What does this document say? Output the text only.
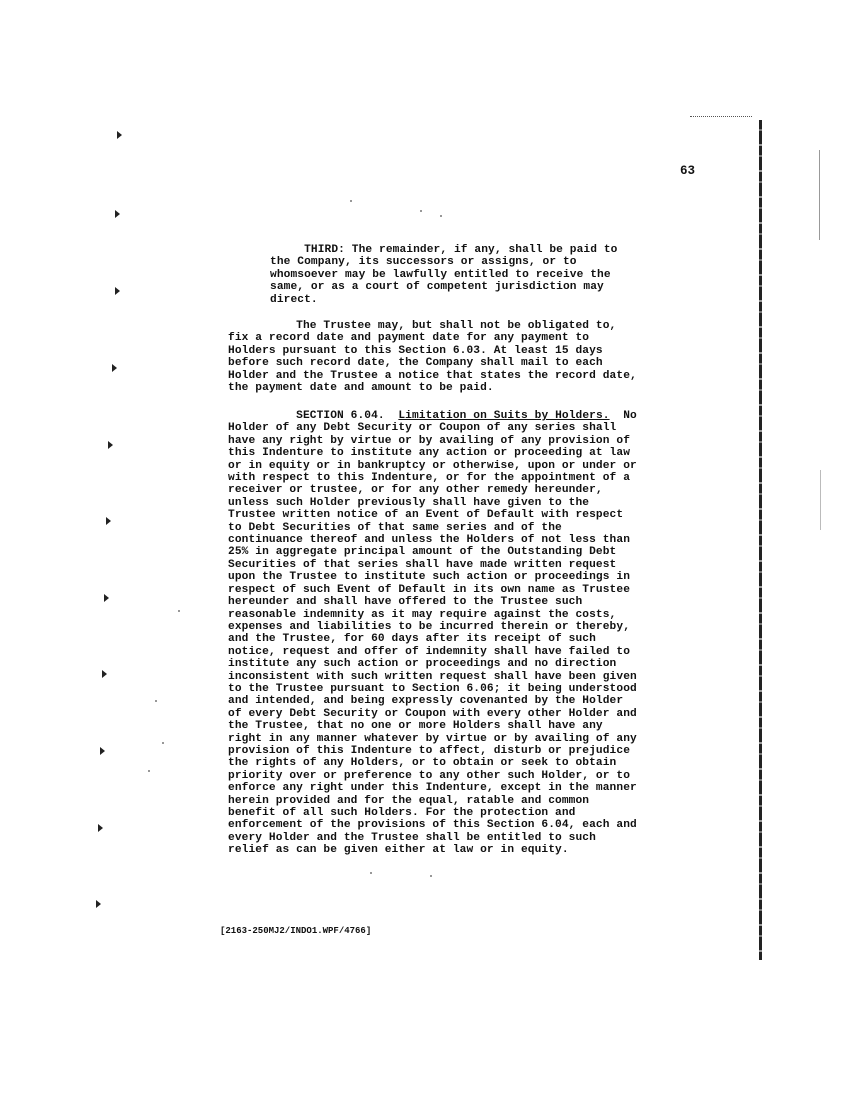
63
THIRD: The remainder, if any, shall be paid to
the Company, its successors or assigns, or to
whomsoever may be lawfully entitled to receive the
same, or as a court of competent jurisdiction may
direct.
The Trustee may, but shall not be obligated to,
fix a record date and payment date for any payment to
Holders pursuant to this Section 6.03. At least 15 days
before such record date, the Company shall mail to each
Holder and the Trustee a notice that states the record date,
the payment date and amount to be paid.
SECTION 6.04. Limitation on Suits by Holders. No
Holder of any Debt Security or Coupon of any series shall
have any right by virtue or by availing of any provision of
this Indenture to institute any action or proceeding at law
or in equity or in bankruptcy or otherwise, upon or under or
with respect to this Indenture, or for the appointment of a
receiver or trustee, or for any other remedy hereunder,
unless such Holder previously shall have given to the
Trustee written notice of an Event of Default with respect
to Debt Securities of that same series and of the
continuance thereof and unless the Holders of not less than
25% in aggregate principal amount of the Outstanding Debt
Securities of that series shall have made written request
upon the Trustee to institute such action or proceedings in
respect of such Event of Default in its own name as Trustee
hereunder and shall have offered to the Trustee such
reasonable indemnity as it may require against the costs,
expenses and liabilities to be incurred therein or thereby,
and the Trustee, for 60 days after its receipt of such
notice, request and offer of indemnity shall have failed to
institute any such action or proceedings and no direction
inconsistent with such written request shall have been given
to the Trustee pursuant to Section 6.06; it being understood
and intended, and being expressly covenanted by the Holder
of every Debt Security or Coupon with every other Holder and
the Trustee, that no one or more Holders shall have any
right in any manner whatever by virtue or by availing of any
provision of this Indenture to affect, disturb or prejudice
the rights of any Holders, or to obtain or seek to obtain
priority over or preference to any other such Holder, or to
enforce any right under this Indenture, except in the manner
herein provided and for the equal, ratable and common
benefit of all such Holders. For the protection and
enforcement of the provisions of this Section 6.04, each and
every Holder and the Trustee shall be entitled to such
relief as can be given either at law or in equity.
[2163-250MJ2/INDO1.WPF/4766]
